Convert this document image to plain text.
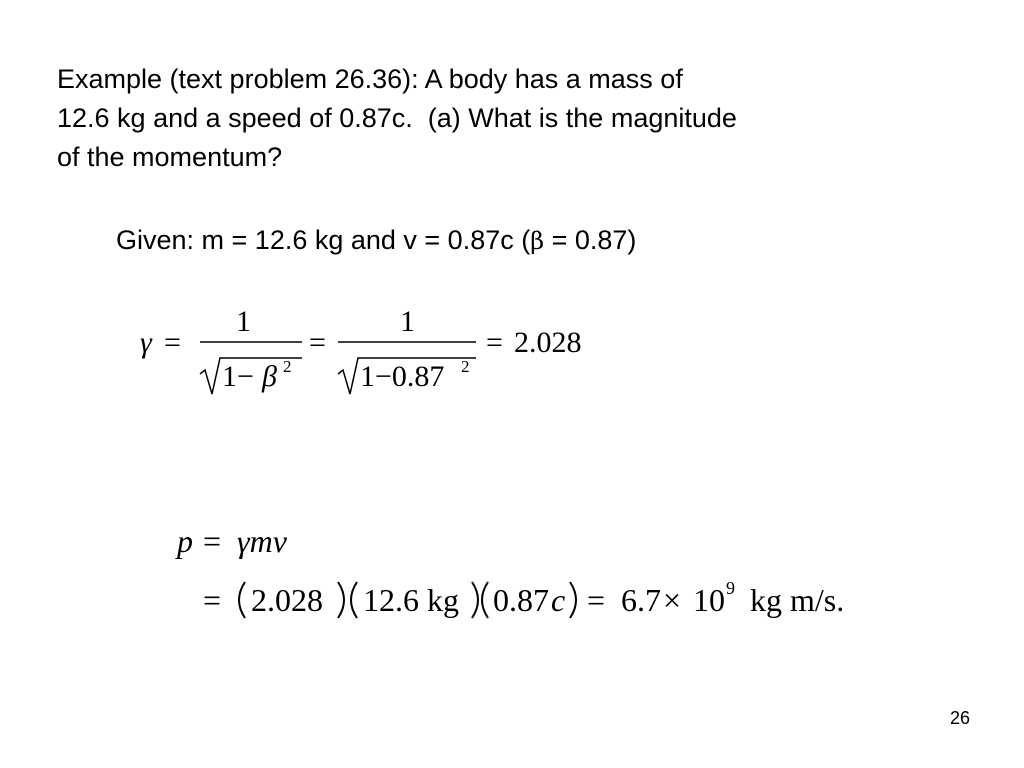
Example (text problem 26.36): A body has a mass of
12.6 kg and a speed of 0.87c.  (a) What is the magnitude
of the momentum?
Given: m = 12.6 kg and v = 0.87c (β = 0.87)
γ =
1
1− β 2
=
1
1−0.87 2
= 2.028
p = γmv
= 2.028 12.6 kg 0.87 c = 6.7 × 10 9 kg m/s.
26
